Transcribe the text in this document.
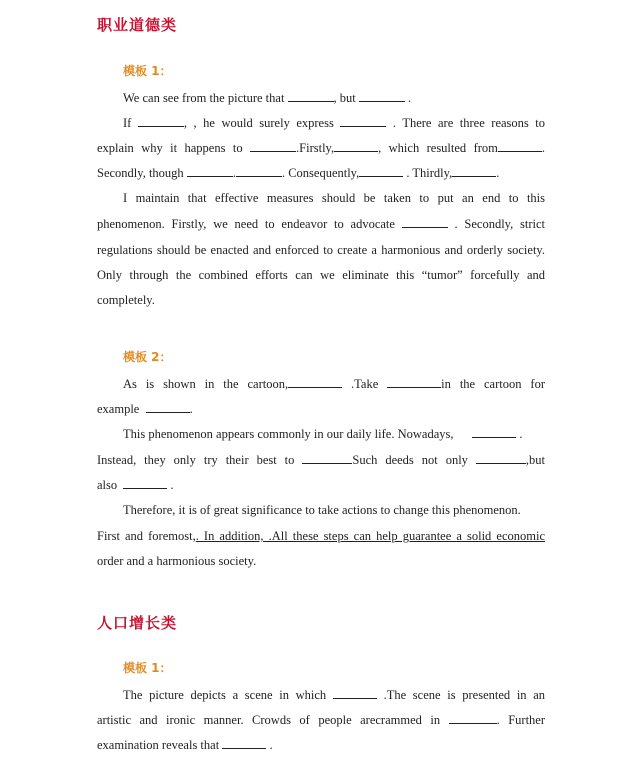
职业道德类
模板 1：
We can see from the picture that	, but	.
If	, , he would surely express	. There are three reasons to
explain why it happens to	.Firstly,	, which resulted from	.
Secondly, though	.	. Consequently,	. Thirdly,	.
I maintain that effective measures should be taken to put an end to this
phenomenon. Firstly, we need to endeavor to advocate	. Secondly, strict
regulations should be enacted and enforced to create a harmonious and orderly society.
Only through the combined efforts can we eliminate this “tumor” forcefully and
completely.
模板 2：
As is shown in the cartoon,	.Take	in the cartoon for
example	.
This phenomenon appears commonly in our daily life. Nowadays,	.
Instead, they only try their best to	Such deeds not only	,but
also	.
Therefore, it is of great significance to take actions to change this phenomenon.
First and foremost,. In addition, .All these steps can help guarantee a solid economic
order and a harmonious society.
人口增长类
模板 1：
The picture depicts a scene in which	.The scene is presented in an
artistic and ironic manner. Crowds of people arecrammed in	. Further
examination reveals that	.
